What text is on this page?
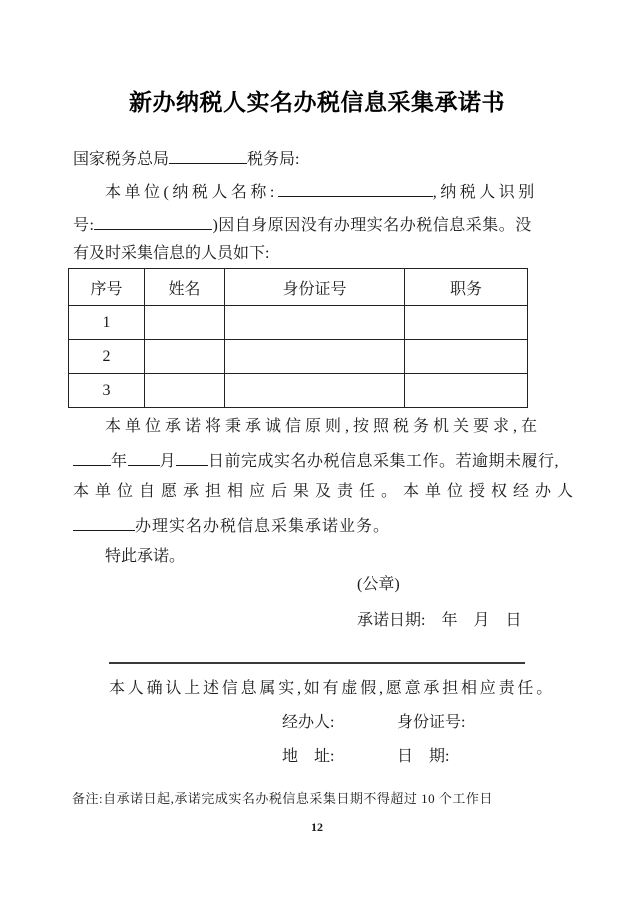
新办纳税人实名办税信息采集承诺书
国家税务总局	税务局:
本单位(纳税人名称:	,纳税人识别
号:	)因自身原因没有办理实名办税信息采集。没
有及时采集信息的人员如下:
序号	姓名	身份证号	职务
1			
2			
3			
本单位承诺将秉承诚信原则,按照税务机关要求,在
年 月 日前完成实名办税信息采集工作。若逾期未履行,
本单位自愿承担相应后果及责任。本单位授权经办人
办理实名办税信息采集承诺业务。
特此承诺。
(公章)
承诺日期:　年　月　日
本人确认上述信息属实,如有虚假,愿意承担相应责任。
经办人:	身份证号:
地　址:	日　期:
备注:自承诺日起,承诺完成实名办税信息采集日期不得超过 10 个工作日
12
